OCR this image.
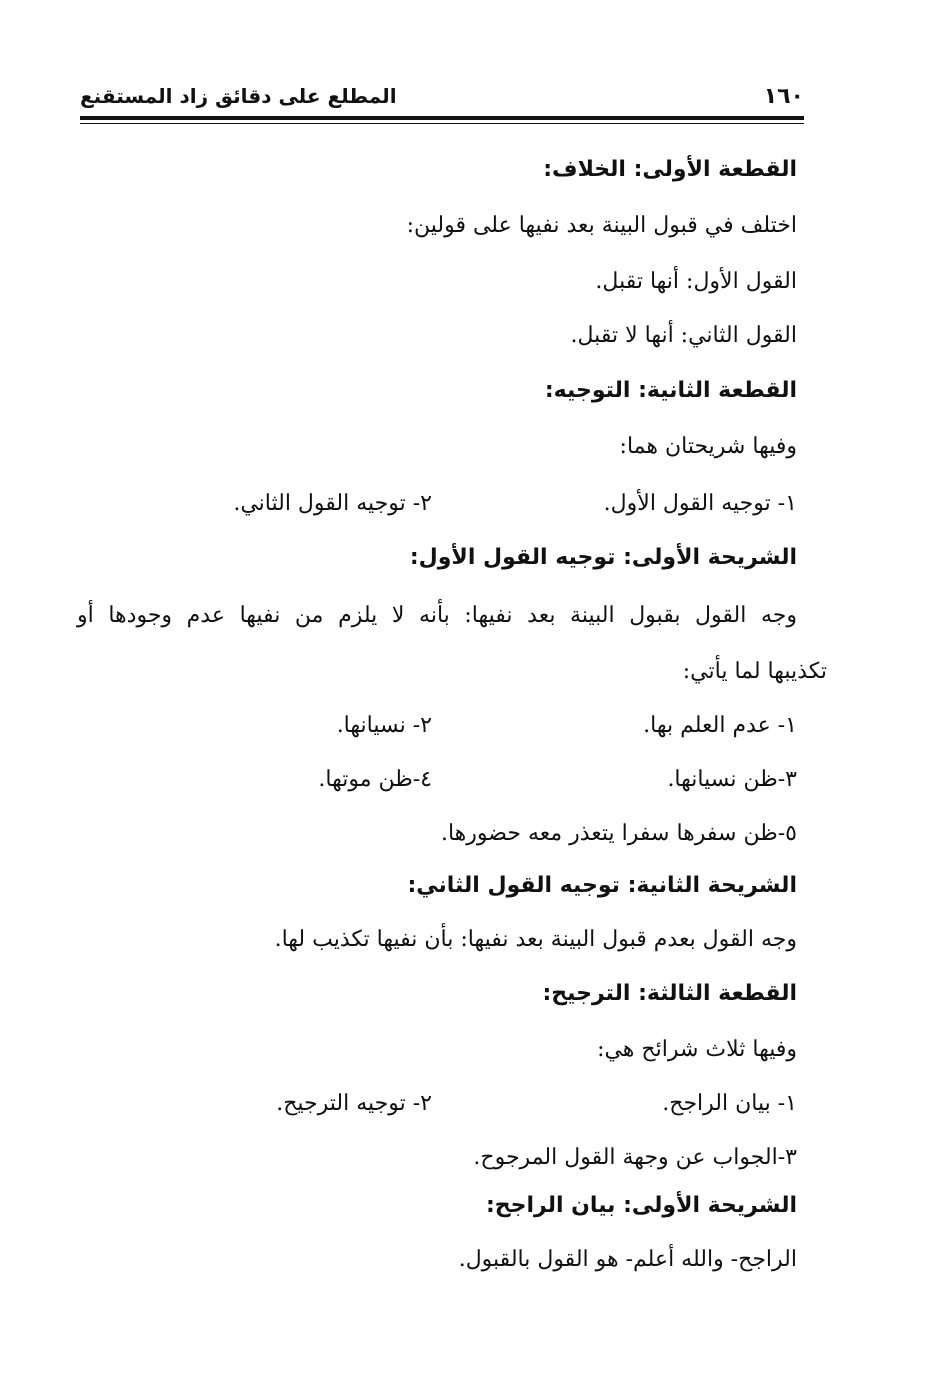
١٦٠
المطلع على دقائق زاد المستقنع
القطعة الأولى: الخلاف:
اختلف في قبول البينة بعد نفيها على قولين:
القول الأول: أنها تقبل.
القول الثاني: أنها لا تقبل.
القطعة الثانية: التوجيه:
وفيها شريحتان هما:
١- توجيه القول الأول.
٢- توجيه القول الثاني.
الشريحة الأولى: توجيه القول الأول:
وجه القول بقبول البينة بعد نفيها: بأنه لا يلزم من نفيها عدم وجودها أو
تكذيبها لما يأتي:
١- عدم العلم بها.
٢- نسيانها.
٣-ظن نسيانها.
٤-ظن موتها.
٥-ظن سفرها سفرا يتعذر معه حضورها.
الشريحة الثانية: توجيه القول الثاني:
وجه القول بعدم قبول البينة بعد نفيها: بأن نفيها تكذيب لها.
القطعة الثالثة: الترجيح:
وفيها ثلاث شرائح هي:
١- بيان الراجح.
٢- توجيه الترجيح.
٣-الجواب عن وجهة القول المرجوح.
الشريحة الأولى: بيان الراجح:
الراجح- والله أعلم- هو القول بالقبول.
